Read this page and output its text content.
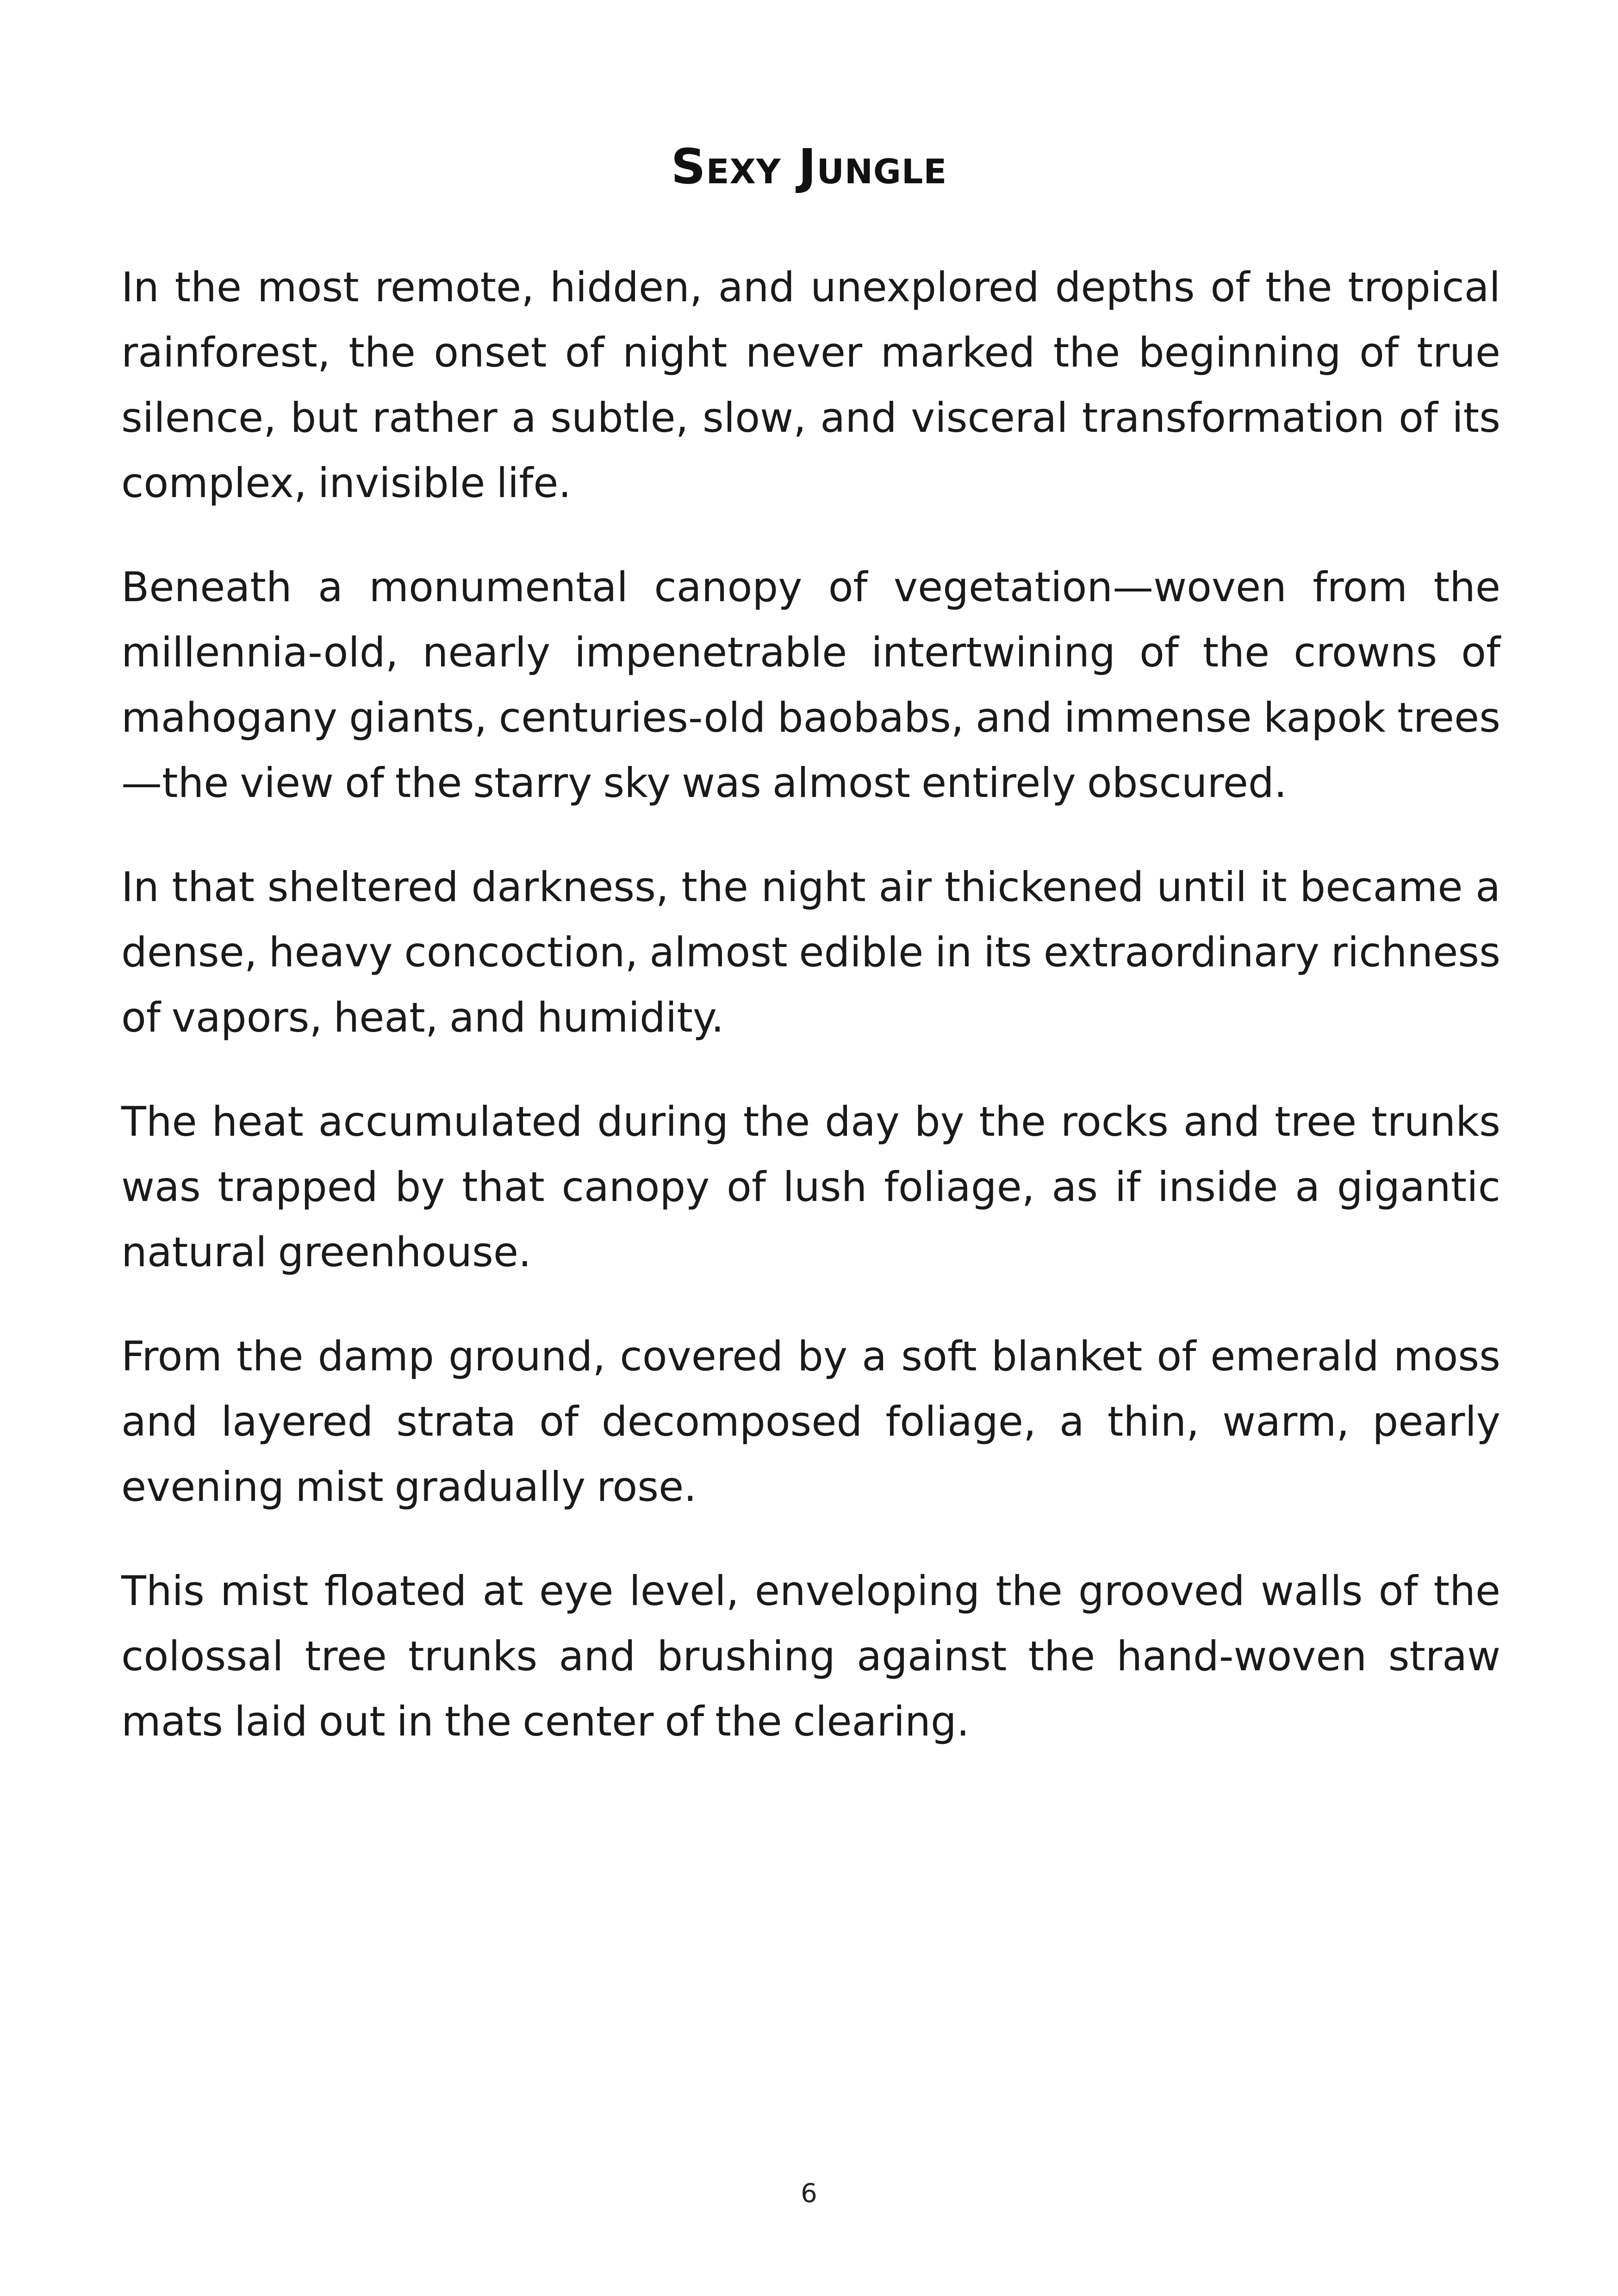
Sexy Jungle

In the most remote, hidden, and unexplored depths of the tropical rainforest, the onset of night never marked the beginning of true silence, but rather a subtle, slow, and visceral transformation of its complex, invisible life.

Beneath a monumental canopy of vegetation—woven from the millennia-old, nearly impenetrable intertwining of the crowns of mahogany giants, centuries-old baobabs, and immense kapok trees—the view of the starry sky was almost entirely obscured.

In that sheltered darkness, the night air thickened until it became a dense, heavy concoction, almost edible in its extraordinary richness of vapors, heat, and humidity.

The heat accumulated during the day by the rocks and tree trunks was trapped by that canopy of lush foliage, as if inside a gigantic natural greenhouse.

From the damp ground, covered by a soft blanket of emerald moss and layered strata of decomposed foliage, a thin, warm, pearly evening mist gradually rose.

This mist floated at eye level, enveloping the grooved walls of the colossal tree trunks and brushing against the hand-woven straw mats laid out in the center of the clearing.

6
